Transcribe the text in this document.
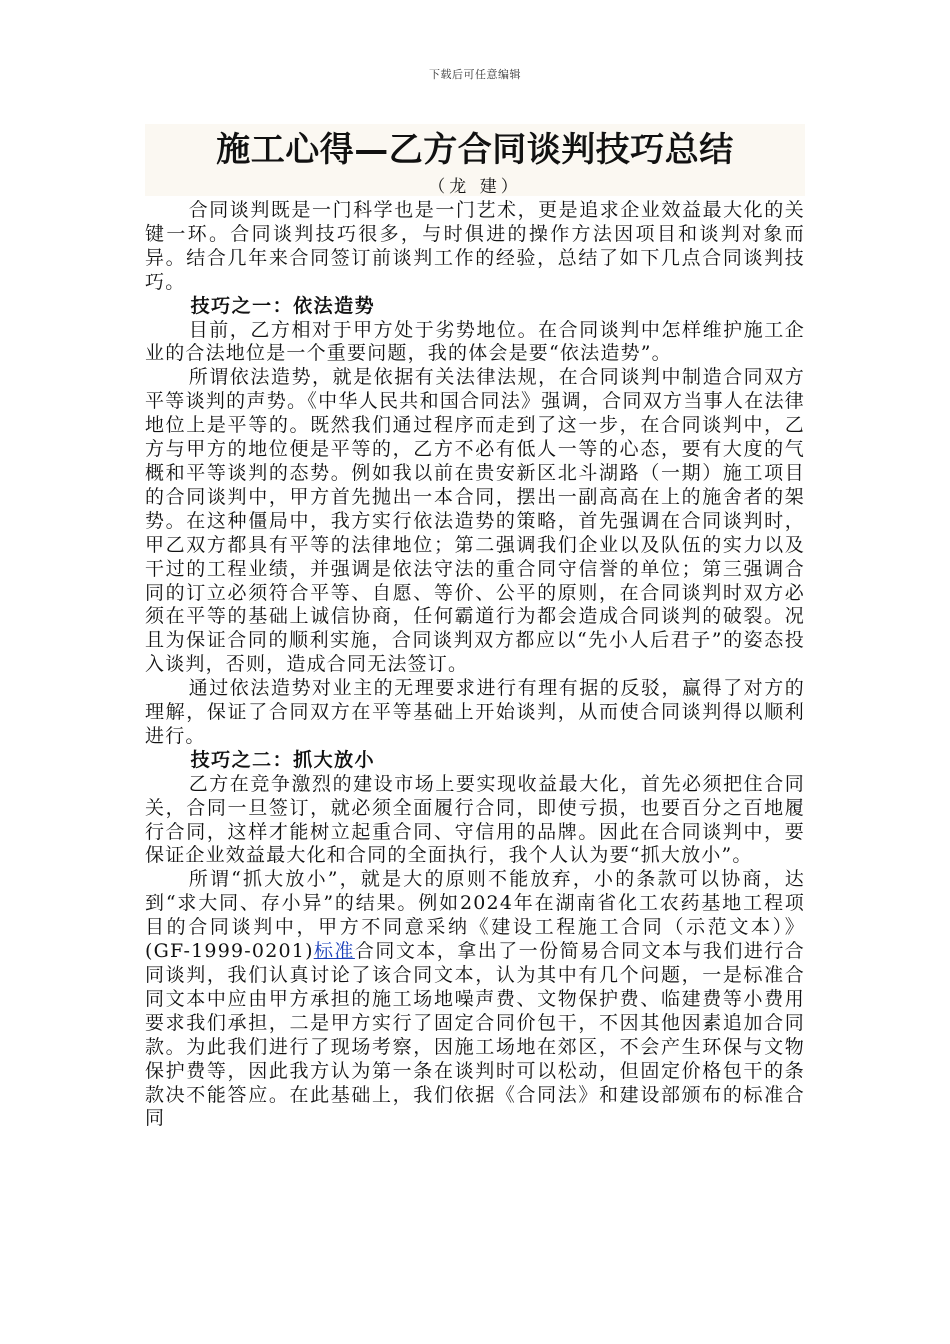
下载后可任意编辑
施工心得—乙方合同谈判技巧总结
（龙 建）

合同谈判既是一门科学也是一门艺术，更是追求企业效益最大化的关键一环。合同谈判技巧很多，与时俱进的操作方法因项目和谈判对象而异。结合几年来合同签订前谈判工作的经验，总结了如下几点合同谈判技巧。

技巧之一：依法造势

目前，乙方相对于甲方处于劣势地位。在合同谈判中怎样维护施工企业的合法地位是一个重要问题，我的体会是要“依法造势”。

所谓依法造势，就是依据有关法律法规，在合同谈判中制造合同双方平等谈判的声势。《中华人民共和国合同法》强调，合同双方当事人在法律地位上是平等的。既然我们通过程序而走到了这一步，在合同谈判中，乙方与甲方的地位便是平等的，乙方不必有低人一等的心态，要有大度的气概和平等谈判的态势。例如我以前在贵安新区北斗湖路（一期）施工项目的合同谈判中，甲方首先抛出一本合同，摆出一副高高在上的施舍者的架势。在这种僵局中，我方实行依法造势的策略，首先强调在合同谈判时，甲乙双方都具有平等的法律地位；第二强调我们企业以及队伍的实力以及干过的工程业绩，并强调是依法守法的重合同守信誉的单位；第三强调合同的订立必须符合平等、自愿、等价、公平的原则，在合同谈判时双方必须在平等的基础上诚信协商，任何霸道行为都会造成合同谈判的破裂。况且为保证合同的顺利实施，合同谈判双方都应以“先小人后君子”的姿态投入谈判，否则，造成合同无法签订。

通过依法造势对业主的无理要求进行有理有据的反驳，赢得了对方的理解，保证了合同双方在平等基础上开始谈判，从而使合同谈判得以顺利进行。

技巧之二：抓大放小

乙方在竞争激烈的建设市场上要实现收益最大化，首先必须把住合同关，合同一旦签订，就必须全面履行合同，即使亏损，也要百分之百地履行合同，这样才能树立起重合同、守信用的品牌。因此在合同谈判中，要保证企业效益最大化和合同的全面执行，我个人认为要“抓大放小”。

所谓“抓大放小”，就是大的原则不能放弃，小的条款可以协商，达到“求大同、存小异”的结果。例如2024年在湖南省化工农药基地工程项目的合同谈判中，甲方不同意采纳《建设工程施工合同（示范文本）》(GF-1999-0201)标准合同文本，拿出了一份简易合同文本与我们进行合同谈判，我们认真讨论了该合同文本，认为其中有几个问题，一是标准合同文本中应由甲方承担的施工场地噪声费、文物保护费、临建费等小费用要求我们承担，二是甲方实行了固定合同价包干，不因其他因素追加合同款。为此我们进行了现场考察，因施工场地在郊区，不会产生环保与文物保护费等，因此我方认为第一条在谈判时可以松动，但固定价格包干的条款决不能答应。在此基础上，我们依据《合同法》和建设部颁布的标准合同
